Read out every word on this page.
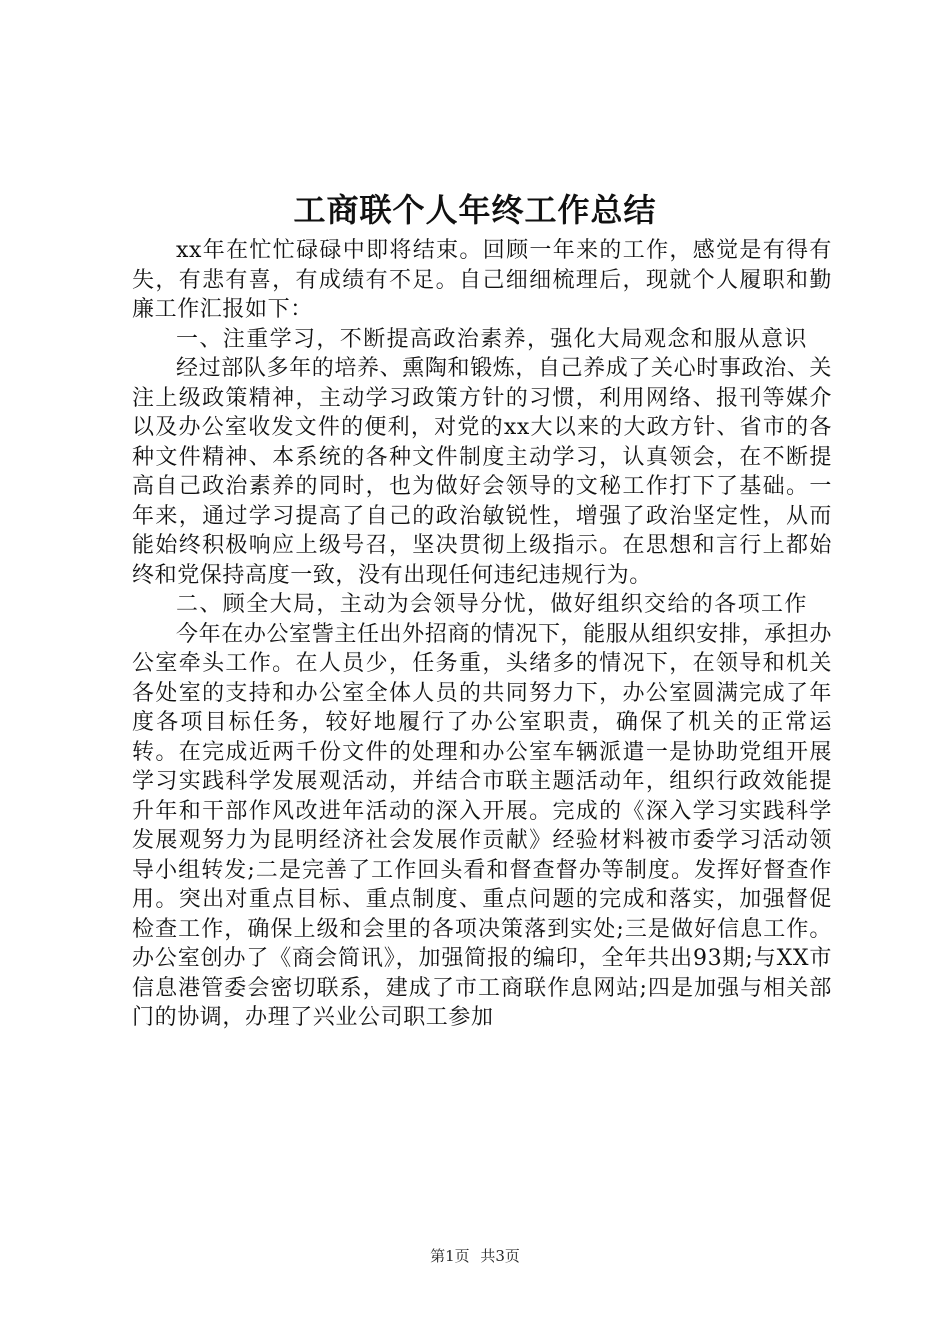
工商联个人年终工作总结

xx年在忙忙碌碌中即将结束。回顾一年来的工作，感觉是有得有失，有悲有喜，有成绩有不足。自己细细梳理后，现就个人履职和勤廉工作汇报如下：

一、注重学习，不断提高政治素养，强化大局观念和服从意识

经过部队多年的培养、熏陶和锻炼，自己养成了关心时事政治、关注上级政策精神，主动学习政策方针的习惯，利用网络、报刊等媒介以及办公室收发文件的便利，对党的xx大以来的大政方针、省市的各种文件精神、本系统的各种文件制度主动学习，认真领会，在不断提高自己政治素养的同时，也为做好会领导的文秘工作打下了基础。一年来，通过学习提高了自己的政治敏锐性，增强了政治坚定性，从而能始终积极响应上级号召，坚决贯彻上级指示。在思想和言行上都始终和党保持高度一致，没有出现任何违纪违规行为。

二、顾全大局，主动为会领导分忧，做好组织交给的各项工作

今年在办公室訾主任出外招商的情况下，能服从组织安排，承担办公室牵头工作。在人员少，任务重，头绪多的情况下，在领导和机关各处室的支持和办公室全体人员的共同努力下，办公室圆满完成了年度各项目标任务，较好地履行了办公室职责，确保了机关的正常运转。在完成近两千份文件的处理和办公室车辆派遣一是协助党组开展学习实践科学发展观活动，并结合市联主题活动年，组织行政效能提升年和干部作风改进年活动的深入开展。完成的《深入学习实践科学发展观努力为昆明经济社会发展作贡献》经验材料被市委学习活动领导小组转发;二是完善了工作回头看和督查督办等制度。发挥好督查作用。突出对重点目标、重点制度、重点问题的完成和落实，加强督促检查工作，确保上级和会里的各项决策落到实处;三是做好信息工作。办公室创办了《商会简讯》，加强简报的编印，全年共出93期;与XX市信息港管委会密切联系，建成了市工商联作息网站;四是加强与相关部门的协调，办理了兴业公司职工参加

第1页 共3页
